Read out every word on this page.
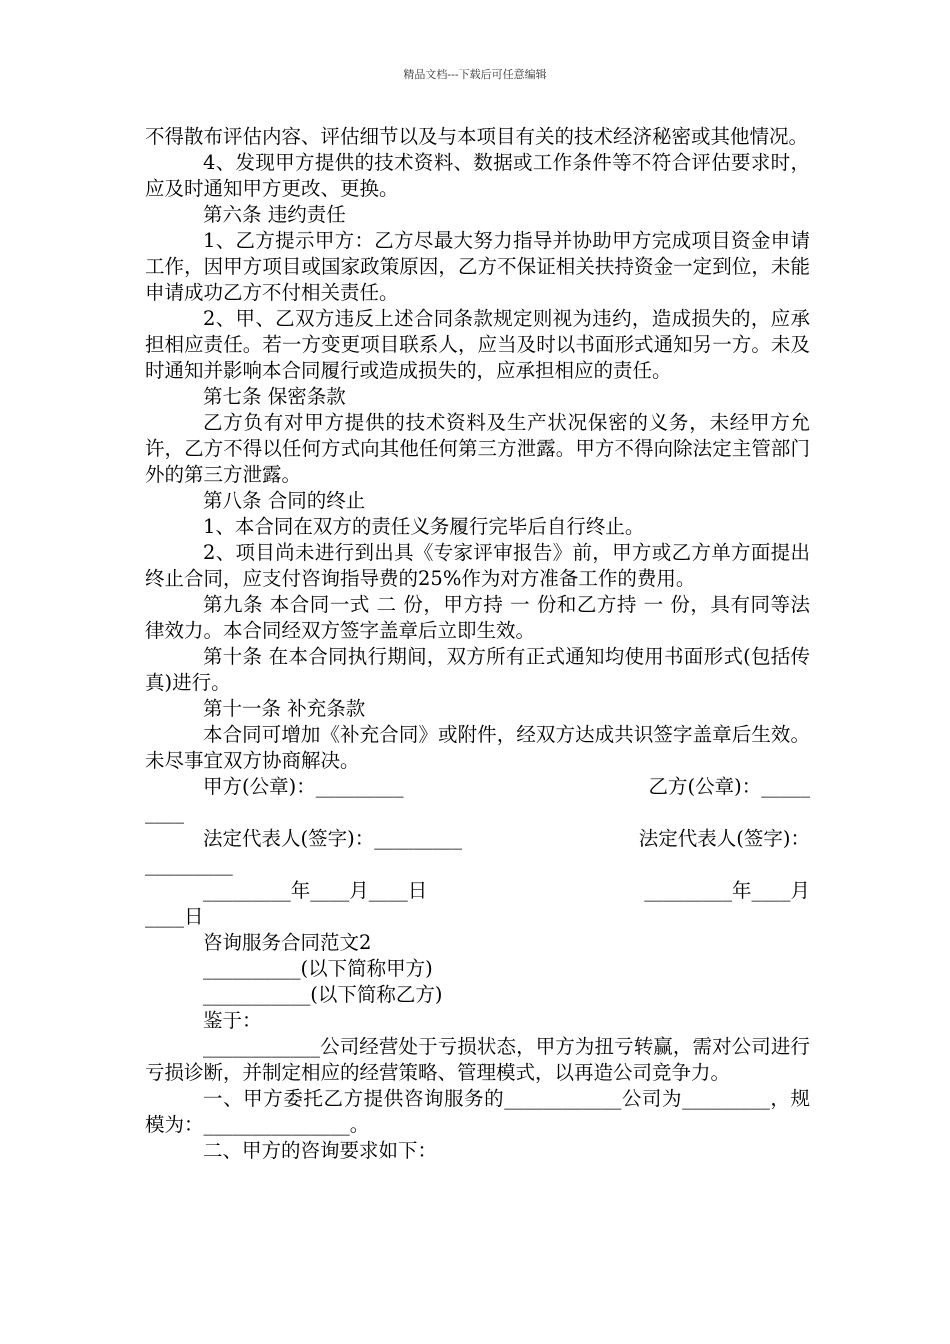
精品文档---下载后可任意编辑

不得散布评估内容、评估细节以及与本项目有关的技术经济秘密或其他情况。

4、发现甲方提供的技术资料、数据或工作条件等不符合评估要求时，应及时通知甲方更改、更换。

第六条 违约责任

1、乙方提示甲方：乙方尽最大努力指导并协助甲方完成项目资金申请工作，因甲方项目或国家政策原因，乙方不保证相关扶持资金一定到位，未能申请成功乙方不付相关责任。

2、甲、乙双方违反上述合同条款规定则视为违约，造成损失的，应承担相应责任。若一方变更项目联系人，应当及时以书面形式通知另一方。未及时通知并影响本合同履行或造成损失的，应承担相应的责任。

第七条 保密条款

乙方负有对甲方提供的技术资料及生产状况保密的义务，未经甲方允许，乙方不得以任何方式向其他任何第三方泄露。甲方不得向除法定主管部门外的第三方泄露。

第八条 合同的终止

1、本合同在双方的责任义务履行完毕后自行终止。

2、项目尚未进行到出具《专家评审报告》前，甲方或乙方单方面提出终止合同，应支付咨询指导费的25%作为对方准备工作的费用。

第九条 本合同一式 二 份，甲方持 一 份和乙方持 一 份，具有同等法律效力。本合同经双方签字盖章后立即生效。

第十条 在本合同执行期间，双方所有正式通知均使用书面形式(包括传真)进行。

第十一条 补充条款

本合同可增加《补充合同》或附件，经双方达成共识签字盖章后生效。未尽事宜双方协商解决。

甲方(公章)：_________	乙方(公章)：_____

____

法定代表人(签字)：_________	法定代表人(签字)：

_________

_________年____月____日	_________年____月

____日

咨询服务合同范文2

__________(以下简称甲方)

___________(以下简称乙方)

鉴于：

____________公司经营处于亏损状态，甲方为扭亏转赢，需对公司进行亏损诊断，并制定相应的经营策略、管理模式，以再造公司竞争力。

一、甲方委托乙方提供咨询服务的____________公司为_________，规模为：_______________。

二、甲方的咨询要求如下：
